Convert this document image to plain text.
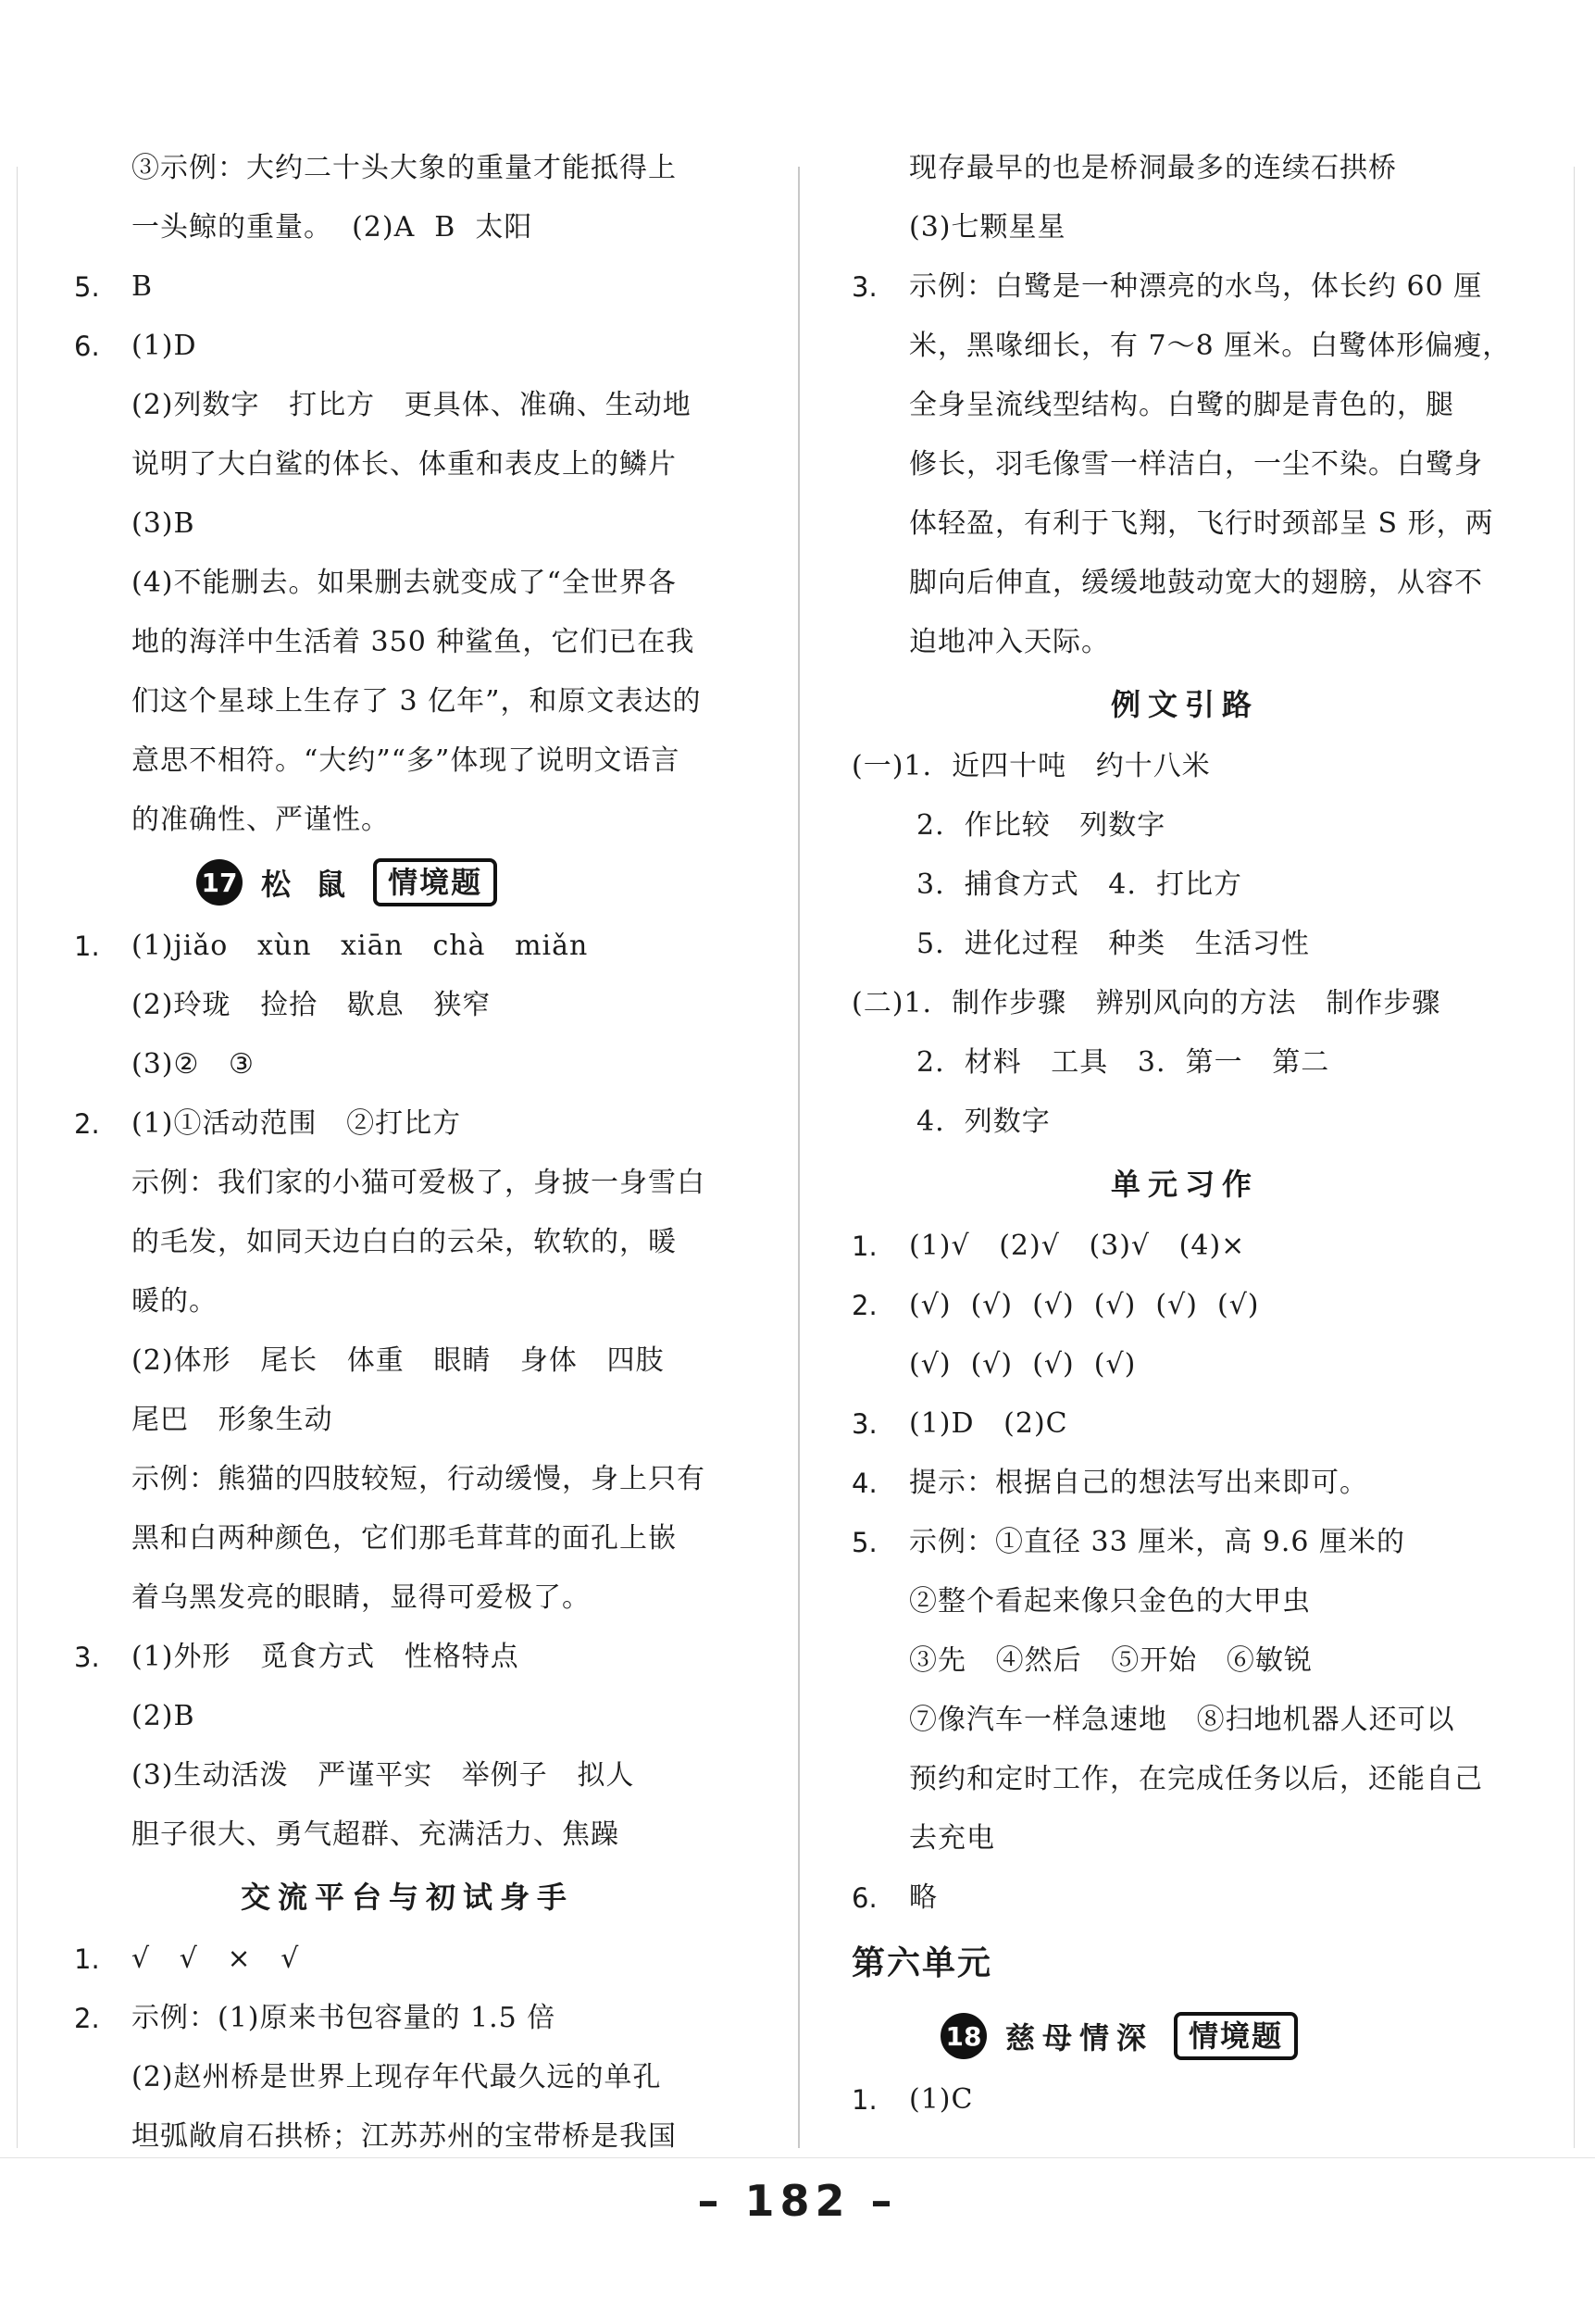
③示例：大约二十头大象的重量才能抵得上
一头鲸的重量。  (2)A  B  太阳
5. B
6. (1)D
(2)列数字   打比方   更具体、准确、生动地
说明了大白鲨的体长、体重和表皮上的鳞片
(3)B
(4)不能删去。如果删去就变成了“全世界各
地的海洋中生活着 350 种鲨鱼，它们已在我
们这个星球上生存了 3 亿年”，和原文表达的
意思不相符。“大约”“多”体现了说明文语言
的准确性、严谨性。
17 松 鼠	情境题
1. (1)jiǎo   xùn   xiān   chà   miǎn
(2)玲珑   捡拾   歇息   狭窄
(3)②   ③
2. (1)①活动范围   ②打比方
示例：我们家的小猫可爱极了，身披一身雪白
的毛发，如同天边白白的云朵，软软的，暖
暖的。
(2)体形   尾长   体重   眼睛   身体   四肢
尾巴   形象生动
示例：熊猫的四肢较短，行动缓慢，身上只有
黑和白两种颜色，它们那毛茸茸的面孔上嵌
着乌黑发亮的眼睛，显得可爱极了。
3. (1)外形   觅食方式   性格特点
(2)B
(3)生动活泼   严谨平实   举例子   拟人
胆子很大、勇气超群、充满活力、焦躁
交流平台与初试身手
1. √   √   ×   √
2. 示例：(1)原来书包容量的 1.5 倍
(2)赵州桥是世界上现存年代最久远的单孔
坦弧敞肩石拱桥；江苏苏州的宝带桥是我国
现存最早的也是桥洞最多的连续石拱桥
(3)七颗星星
3. 示例：白鹭是一种漂亮的水鸟，体长约 60 厘
米，黑喙细长，有 7～8 厘米。白鹭体形偏瘦，
全身呈流线型结构。白鹭的脚是青色的，腿
修长，羽毛像雪一样洁白，一尘不染。白鹭身
体轻盈，有利于飞翔，飞行时颈部呈 S 形，两
脚向后伸直，缓缓地鼓动宽大的翅膀，从容不
迫地冲入天际。
例文引路
(一)1.  近四十吨   约十八米
2.  作比较   列数字
3.  捕食方式   4.  打比方
5.  进化过程   种类   生活习性
(二)1.  制作步骤   辨别风向的方法   制作步骤
2.  材料   工具   3.  第一   第二
4.  列数字
单元习作
1. (1)√   (2)√   (3)√   (4)×
2. (√)  (√)  (√)  (√)  (√)  (√)
(√)  (√)  (√)  (√)
3. (1)D   (2)C
4. 提示：根据自己的想法写出来即可。
5. 示例：①直径 33 厘米，高 9.6 厘米的
②整个看起来像只金色的大甲虫
③先   ④然后   ⑤开始   ⑥敏锐
⑦像汽车一样急速地   ⑧扫地机器人还可以
预约和定时工作，在完成任务以后，还能自己
去充电
6. 略
第六单元
18 慈母情深	情境题
1. (1)C
– 182 –
